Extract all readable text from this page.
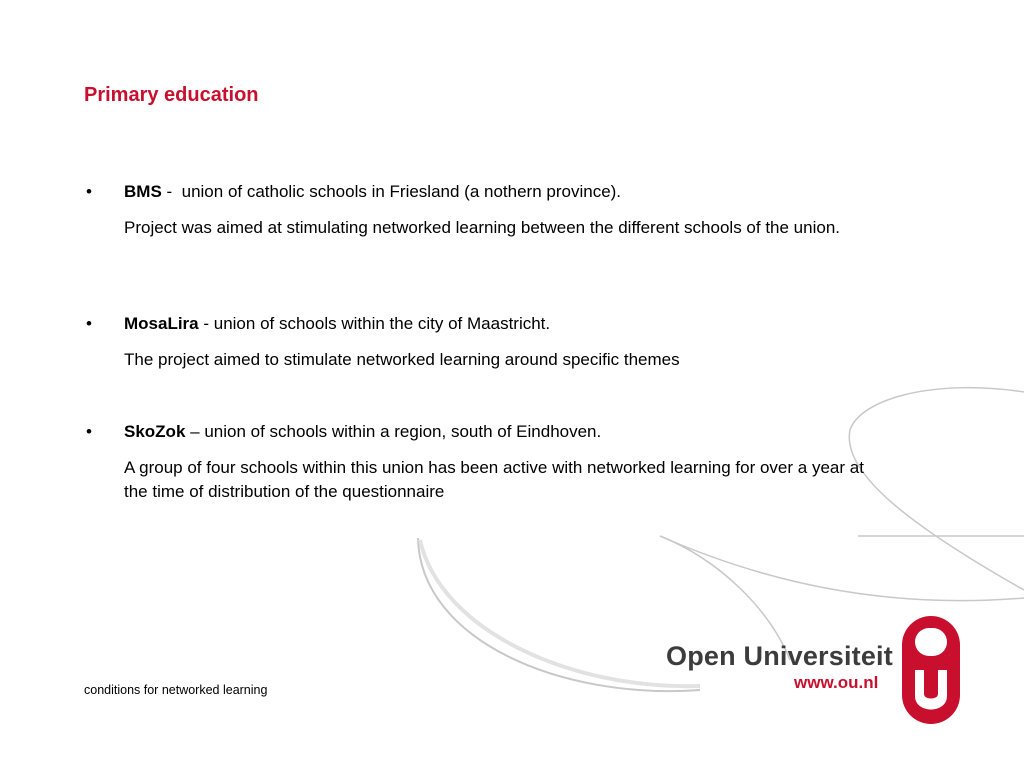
Primary education
• BMS -  union of catholic schools in Friesland (a nothern province).
Project was aimed at stimulating networked learning between the different schools of the union.
• MosaLira - union of schools within the city of Maastricht.
The project aimed to stimulate networked learning around specific themes
• SkoZok – union of schools within a region, south of Eindhoven.
A group of four schools within this union has been active with networked learning for over a year at the time of distribution of the questionnaire
conditions for networked learning
Open Universiteit
www.ou.nl
